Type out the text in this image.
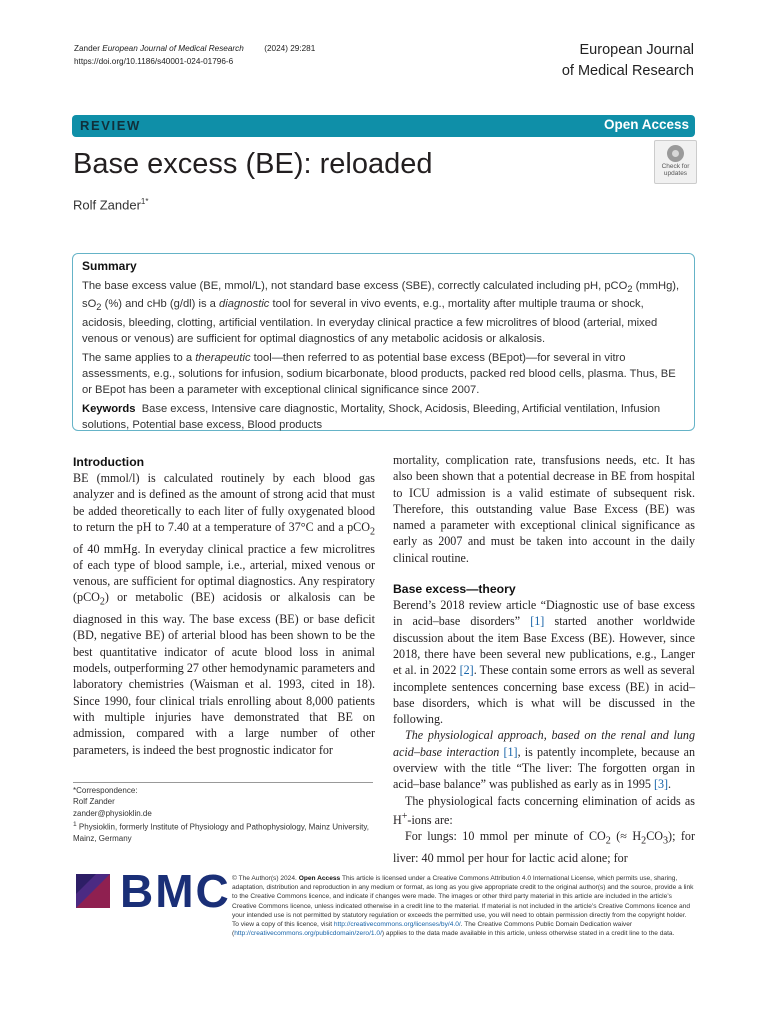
Zander European Journal of Medical Research (2024) 29:281
https://doi.org/10.1186/s40001-024-01796-6
European Journal
of Medical Research
REVIEW	Open Access
Base excess (BE): reloaded	Check for
updates
Rolf Zander$^{1*}$
Summary

The base excess value (BE, mmol/L), not standard base excess (SBE), correctly calculated including pH, pCO$_2$ (mmHg), $sO_2$ (%) and cHb (g/dl) is a diagnostic tool for several in vivo events, e.g., mortality after multiple trauma or shock, acidosis, bleeding, clotting, artificial ventilation. In everyday clinical practice a few microlitres of blood (arterial, mixed venous or venous) are sufficient for optimal diagnostics of any metabolic acidosis or alkalosis.

The same applies to a therapeutic tool—then referred to as potential base excess (BEpot)—for several in vitro assessments, e.g., solutions for infusion, sodium bicarbonate, blood products, packed red blood cells, plasma. Thus, BE or BEpot has been a parameter with exceptional clinical significance since 2007.

Keywords Base excess, Intensive care diagnostic, Mortality, Shock, Acidosis, Bleeding, Artificial ventilation, Infusion solutions, Potential base excess, Blood products

Introduction

BE (mmol/l) is calculated routinely by each blood gas analyzer and is defined as the amount of strong acid that must be added theoretically to each liter of fully oxygenated blood to return the pH to 7.40 at a temperature of 37°C and a pCO$_2$ of 40 mmHg. In everyday clinical practice a few microlitres of each type of blood sample, i.e., arterial, mixed venous or venous, are sufficient for optimal diagnostics. Any respiratory (pCO$_2$) or metabolic (BE) acidosis or alkalosis can be diagnosed in this way. The base excess (BE) or base deficit (BD, negative BE) of arterial blood has been shown to be the best quantitative indicator of acute blood loss in animal models, outperforming 27 other hemodynamic parameters and laboratory chemistries (Waisman et al. 1993, cited in 18). Since 1990, four clinical trials enrolling about 8,000 patients with multiple injuries have demonstrated that BE on admission, compared with a large number of other parameters, is indeed the best prognostic indicator for

mortality, complication rate, transfusions needs, etc. It has also been shown that a potential decrease in BE from hospital to ICU admission is a valid estimate of subsequent risk. Therefore, this outstanding value Base Excess (BE) was named a parameter with exceptional clinical significance as early as 2007 and must be taken into account in the daily clinical routine.

Base excess—theory

Berend’s 2018 review article “Diagnostic use of base excess in acid–base disorders” [1] started another worldwide discussion about the item Base Excess (BE). However, since 2018, there have been several new publications, e.g., Langer et al. in 2022 [2]. These contain some errors as well as several incomplete sentences concerning base excess (BE) in acid–base disorders, which is what will be discussed in the following.

The physiological approach, based on the renal and lung acid–base interaction [1], is patently incomplete, because an overview with the title “The liver: The forgotten organ in acid–base balance” was published as early as in 1995 [3].

The physiological facts concerning elimination of acids as H+-ions are:

For lungs: 10 mmol per minute of $CO_2$ (≈ $H_2CO_3$); for liver: 40 mmol per hour for lactic acid alone; for

*Correspondence:
Rolf Zander
zander@physioklin.de
$^1$ Physioklin, formerly Institute of Physiology and Pathophysiology, Mainz University, Mainz, Germany
BMC © The Author(s) 2024. Open Access This article is licensed under a Creative Commons Attribution 4.0 International License, which permits use, sharing, adaptation, distribution and reproduction in any medium or format, as long as you give appropriate credit to the original author(s) and the source, provide a link to the Creative Commons licence, and indicate if changes were made. The images or other third party material in this article are included in the article’s Creative Commons licence, unless indicated otherwise in a credit line to the material. If material is not included in the article’s Creative Commons licence and your intended use is not permitted by statutory regulation or exceeds the permitted use, you will need to obtain permission directly from the copyright holder. To view a copy of this licence, visit http://creativecommons.org/licenses/by/4.0/. The Creative Commons Public Domain Dedication waiver (http://creativecommons.org/publicdomain/zero/1.0/) applies to the data made available in this article, unless otherwise stated in a credit line to the data.
